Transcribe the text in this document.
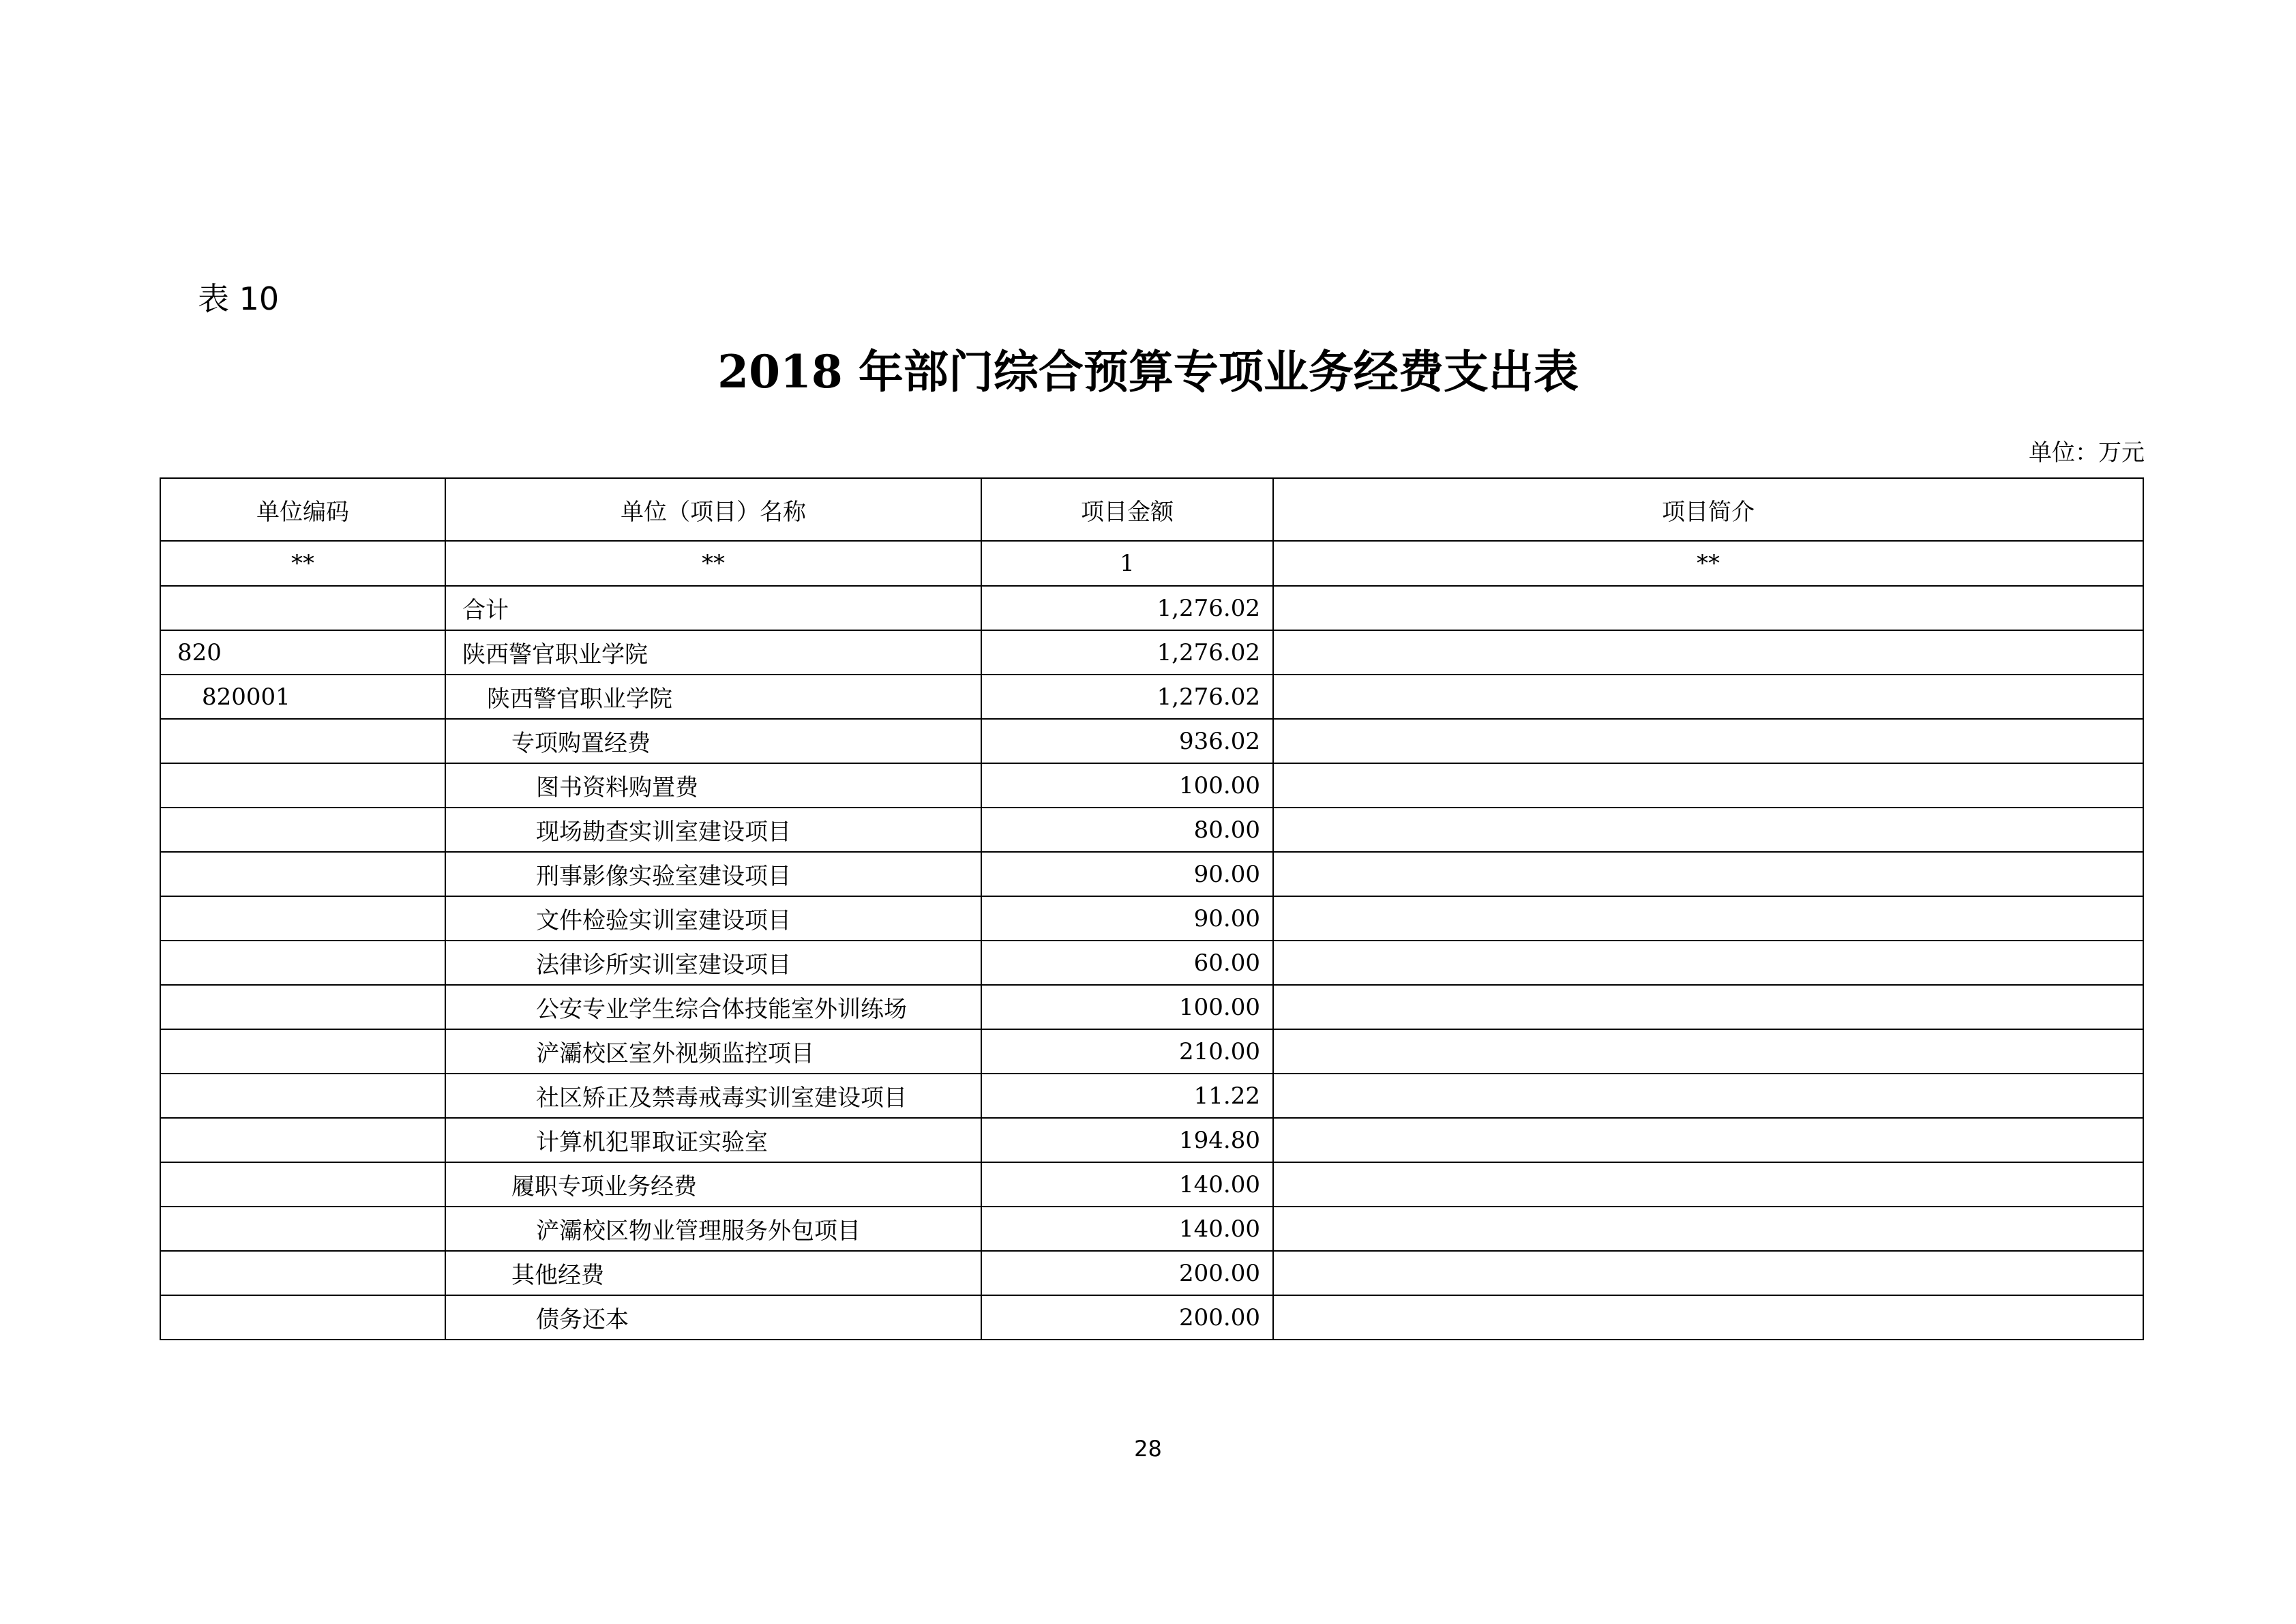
表 10
2018 年部门综合预算专项业务经费支出表
单位：万元
单位编码	单位（项目）名称	项目金额	项目简介
**	**	1	**
	合计	1,276.02	
820	陕西警官职业学院	1,276.02	
820001	陕西警官职业学院	1,276.02	
	专项购置经费	936.02	
	图书资料购置费	100.00	
	现场勘查实训室建设项目	80.00	
	刑事影像实验室建设项目	90.00	
	文件检验实训室建设项目	90.00	
	法律诊所实训室建设项目	60.00	
	公安专业学生综合体技能室外训练场	100.00	
	浐灞校区室外视频监控项目	210.00	
	社区矫正及禁毒戒毒实训室建设项目	11.22	
	计算机犯罪取证实验室	194.80	
	履职专项业务经费	140.00	
	浐灞校区物业管理服务外包项目	140.00	
	其他经费	200.00	
	债务还本	200.00	
28
